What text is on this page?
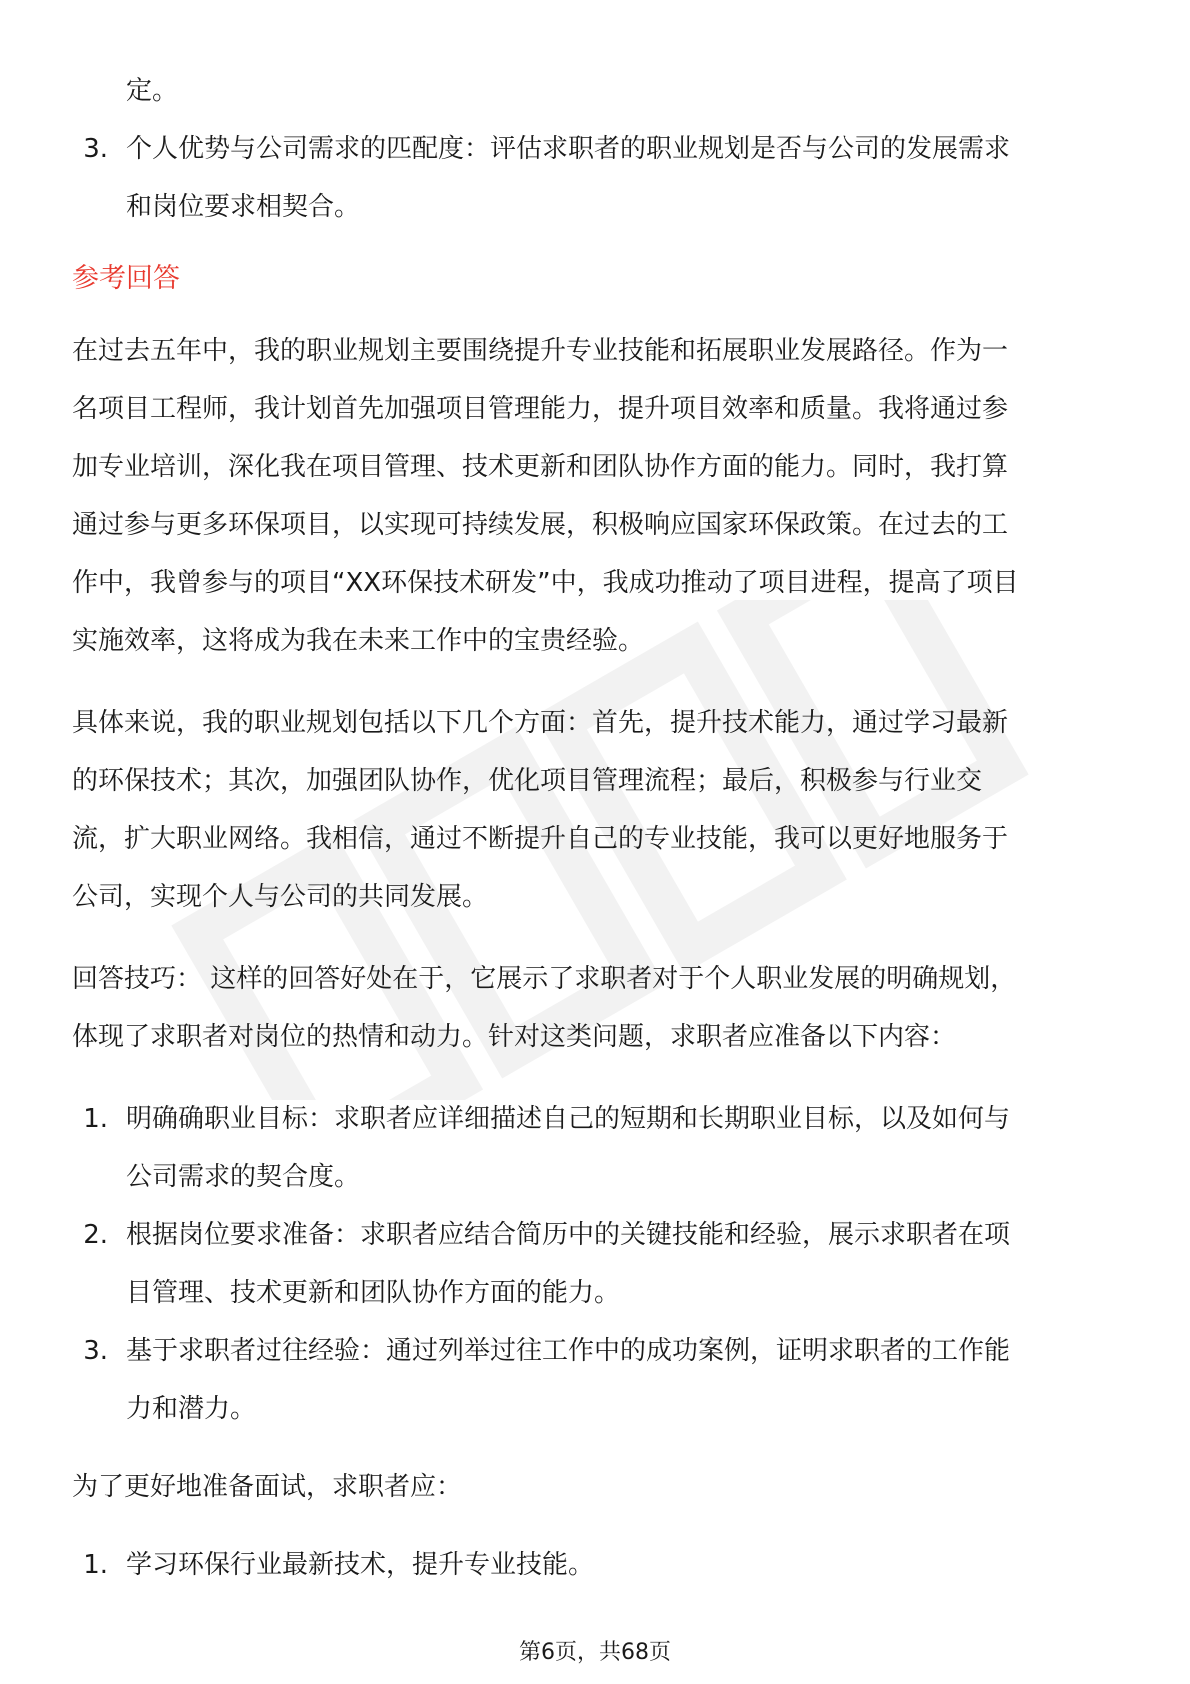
定。
3. 个人优势与公司需求的匹配度：评估求职者的职业规划是否与公司的发展需求
和岗位要求相契合。
参考回答
在过去五年中，我的职业规划主要围绕提升专业技能和拓展职业发展路径。作为一
名项目工程师，我计划首先加强项目管理能力，提升项目效率和质量。我将通过参
加专业培训，深化我在项目管理、技术更新和团队协作方面的能力。同时，我打算
通过参与更多环保项目，以实现可持续发展，积极响应国家环保政策。在过去的工
作中，我曾参与的项目“XX环保技术研发”中，我成功推动了项目进程，提高了项目
实施效率，这将成为我在未来工作中的宝贵经验。
具体来说，我的职业规划包括以下几个方面：首先，提升技术能力，通过学习最新
的环保技术；其次，加强团队协作，优化项目管理流程；最后，积极参与行业交
流，扩大职业网络。我相信，通过不断提升自己的专业技能，我可以更好地服务于
公司，实现个人与公司的共同发展。
回答技巧： 这样的回答好处在于，它展示了求职者对于个人职业发展的明确规划，
体现了求职者对岗位的热情和动力。针对这类问题，求职者应准备以下内容：
1. 明确确职业目标：求职者应详细描述自己的短期和长期职业目标，以及如何与
公司需求的契合度。
2. 根据岗位要求准备：求职者应结合简历中的关键技能和经验，展示求职者在项
目管理、技术更新和团队协作方面的能力。
3. 基于求职者过往经验：通过列举过往工作中的成功案例，证明求职者的工作能
力和潜力。
为了更好地准备面试，求职者应：
1. 学习环保行业最新技术，提升专业技能。
第6页，共68页
